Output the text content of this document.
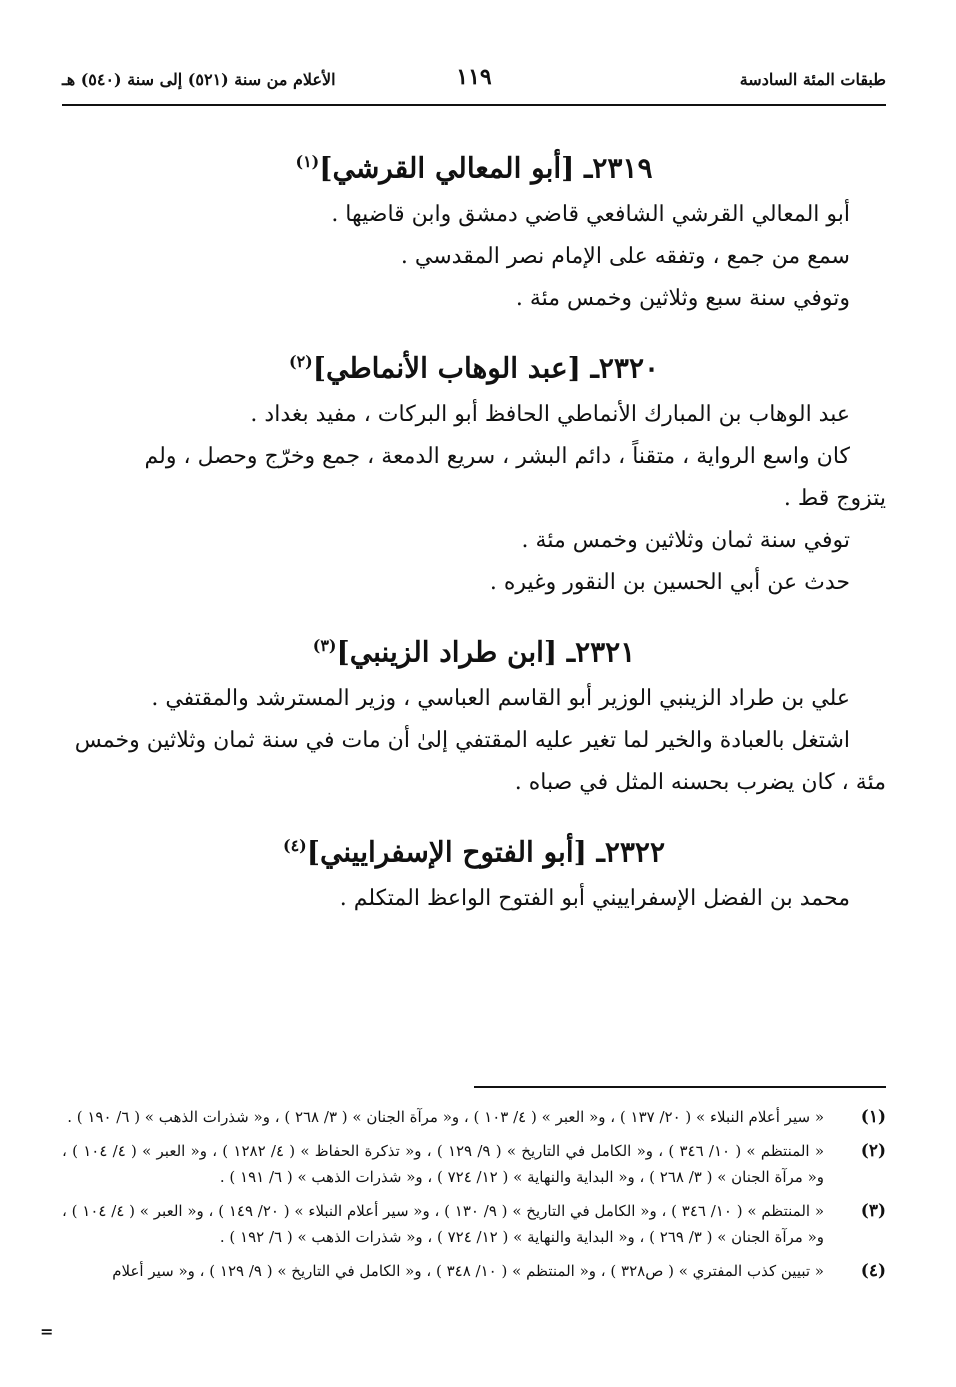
طبقات المئة السادسة
١١٩
الأعلام من سنة (٥٢١) إلى سنة (٥٤٠) هـ
٢٣١٩ـ [أبو المعالي القرشي]$^{(١)}$

أبو المعالي القرشي الشافعي قاضي دمشق وابن قاضيها .

سمع من جمع ، وتفقه على الإمام نصر المقدسي .

وتوفي سنة سبع وثلاثين وخمس مئة .

٢٣٢٠ـ [عبد الوهاب الأنماطي]$^{(٢)}$

عبد الوهاب بن المبارك الأنماطي الحافظ أبو البركات ، مفيد بغداد .

كان واسع الرواية ، متقناً ، دائم البشر ، سريع الدمعة ، جمع وخرّج وحصل ، ولم

يتزوج قط .

توفي سنة ثمان وثلاثين وخمس مئة .

حدث عن أبي الحسين بن النقور وغيره .

٢٣٢١ـ [ابن طراد الزينبي]$^{(٣)}$

علي بن طراد الزينبي الوزير أبو القاسم العباسي ، وزير المسترشد والمقتفي .

اشتغل بالعبادة والخير لما تغير عليه المقتفي إلىٰ أن مات في سنة ثمان وثلاثين وخمس

مئة ، كان يضرب بحسنه المثل في صباه .

٢٣٢٢ـ [أبو الفتوح الإسفراييني]$^{(٤)}$

محمد بن الفضل الإسفراييني أبو الفتوح الواعظ المتكلم .

(١)
« سير أعلام النبلاء » ( ٢٠/ ١٣٧ ) ، و« العبر » ( ٤/ ١٠٣ ) ، و« مرآة الجنان » ( ٣/ ٢٦٨ ) ، و« شذرات الذهب » ( ٦/ ١٩٠ ) .
(٢)
« المنتظم » ( ١٠/ ٣٤٦ ) ، و« الكامل في التاريخ » ( ٩/ ١٢٩ ) ، و« تذكرة الحفاظ » ( ٤/ ١٢٨٢ ) ، و« العبر » ( ٤/ ١٠٤ ) ، و« مرآة الجنان » ( ٣/ ٢٦٨ ) ، و« البداية والنهاية » ( ١٢/ ٧٢٤ ) ، و« شذرات الذهب » ( ٦/ ١٩١ ) .
(٣)
« المنتظم » ( ١٠/ ٣٤٦ ) ، و« الكامل في التاريخ » ( ٩/ ١٣٠ ) ، و« سير أعلام النبلاء » ( ٢٠/ ١٤٩ ) ، و« العبر » ( ٤/ ١٠٤ ) ، و« مرآة الجنان » ( ٣/ ٢٦٩ ) ، و« البداية والنهاية » ( ١٢/ ٧٢٤ ) ، و« شذرات الذهب » ( ٦/ ١٩٢ ) .
(٤)
« تبيين كذب المفتري » ( ص٣٢٨ ) ، و« المنتظم » ( ١٠/ ٣٤٨ ) ، و« الكامل في التاريخ » ( ٩/ ١٢٩ ) ، و« سير أعلام
=
